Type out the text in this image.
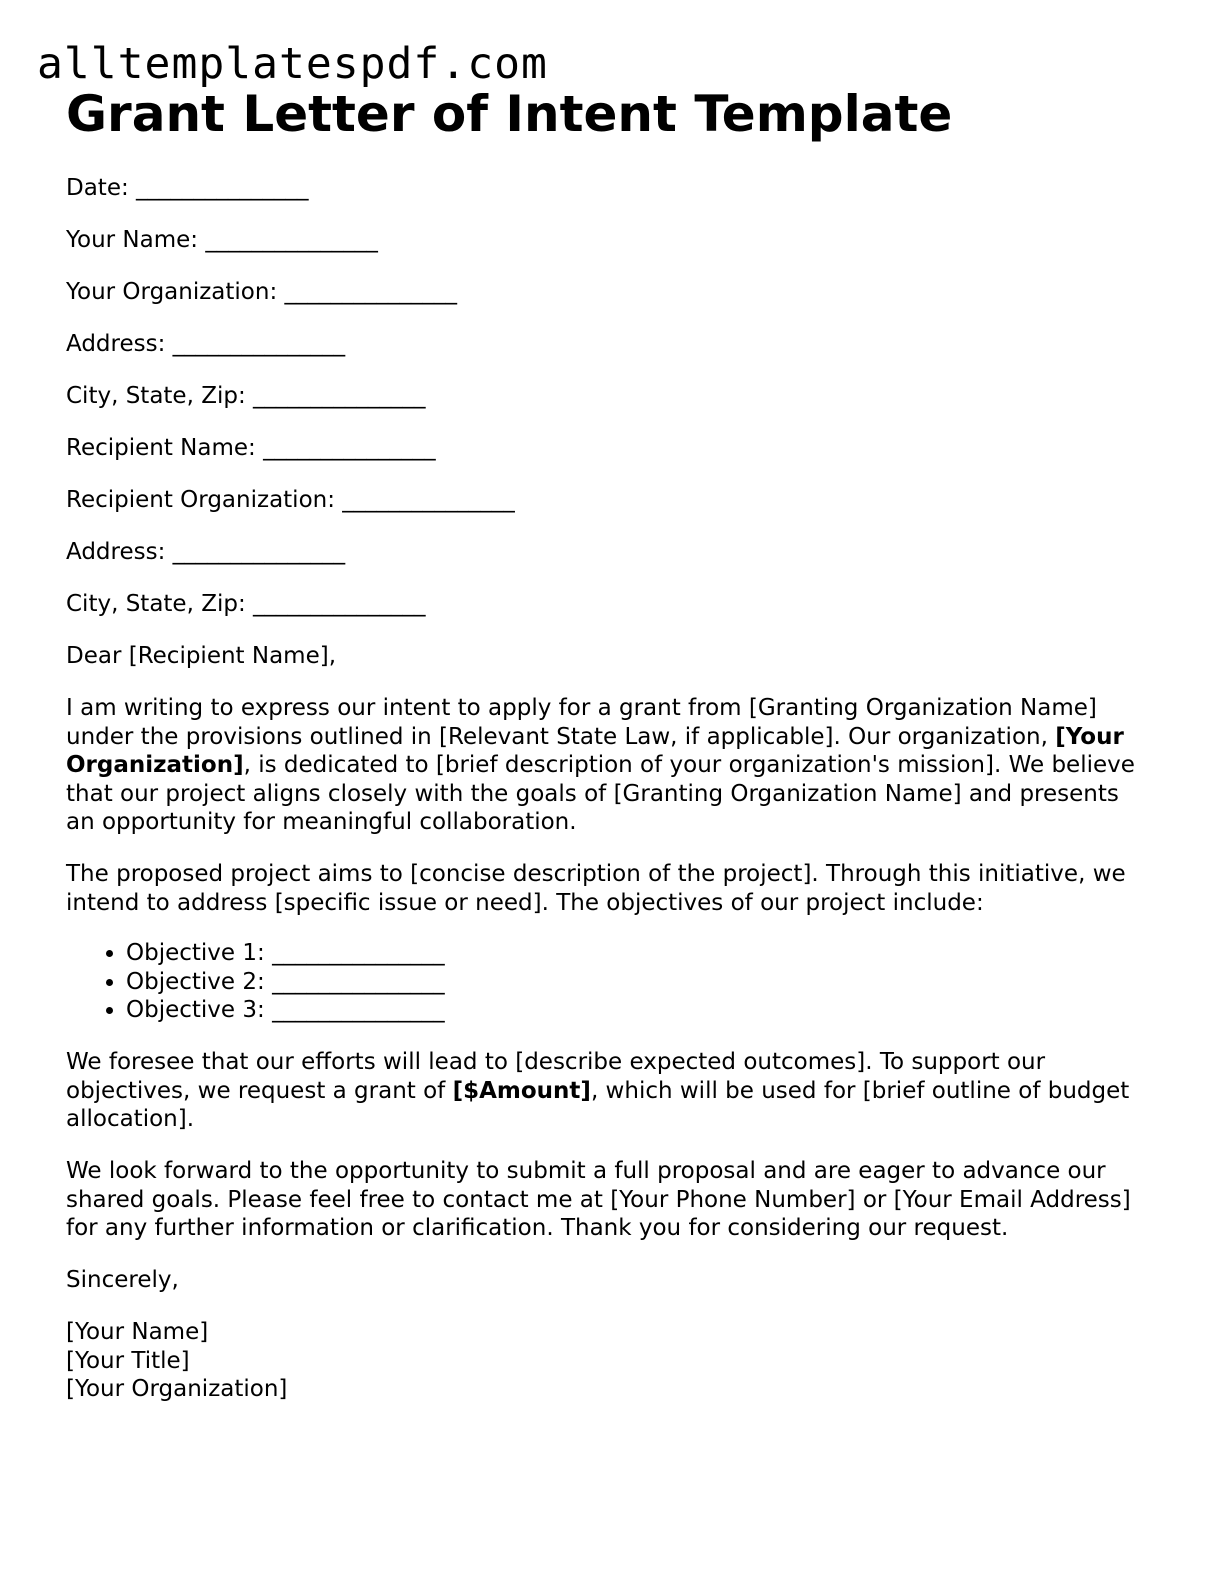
alltemplatespdf.com
Grant Letter of Intent Template
Date: _______________
Your Name: _______________
Your Organization: _______________
Address: _______________
City, State, Zip: _______________
Recipient Name: _______________
Recipient Organization: _______________
Address: _______________
City, State, Zip: _______________

Dear [Recipient Name],

I am writing to express our intent to apply for a grant from [Granting Organization Name] under the provisions outlined in [Relevant State Law, if applicable]. Our organization, [Your Organization], is dedicated to [brief description of your organization's mission]. We believe that our project aligns closely with the goals of [Granting Organization Name] and presents an opportunity for meaningful collaboration.

The proposed project aims to [concise description of the project]. Through this initiative, we intend to address [specific issue or need]. The objectives of our project include:

• Objective 1: _______________
• Objective 2: _______________
• Objective 3: _______________

We foresee that our efforts will lead to [describe expected outcomes]. To support our objectives, we request a grant of [$Amount], which will be used for [brief outline of budget allocation].

We look forward to the opportunity to submit a full proposal and are eager to advance our shared goals. Please feel free to contact me at [Your Phone Number] or [Your Email Address] for any further information or clarification. Thank you for considering our request.

Sincerely,

[Your Name]
[Your Title]
[Your Organization]
